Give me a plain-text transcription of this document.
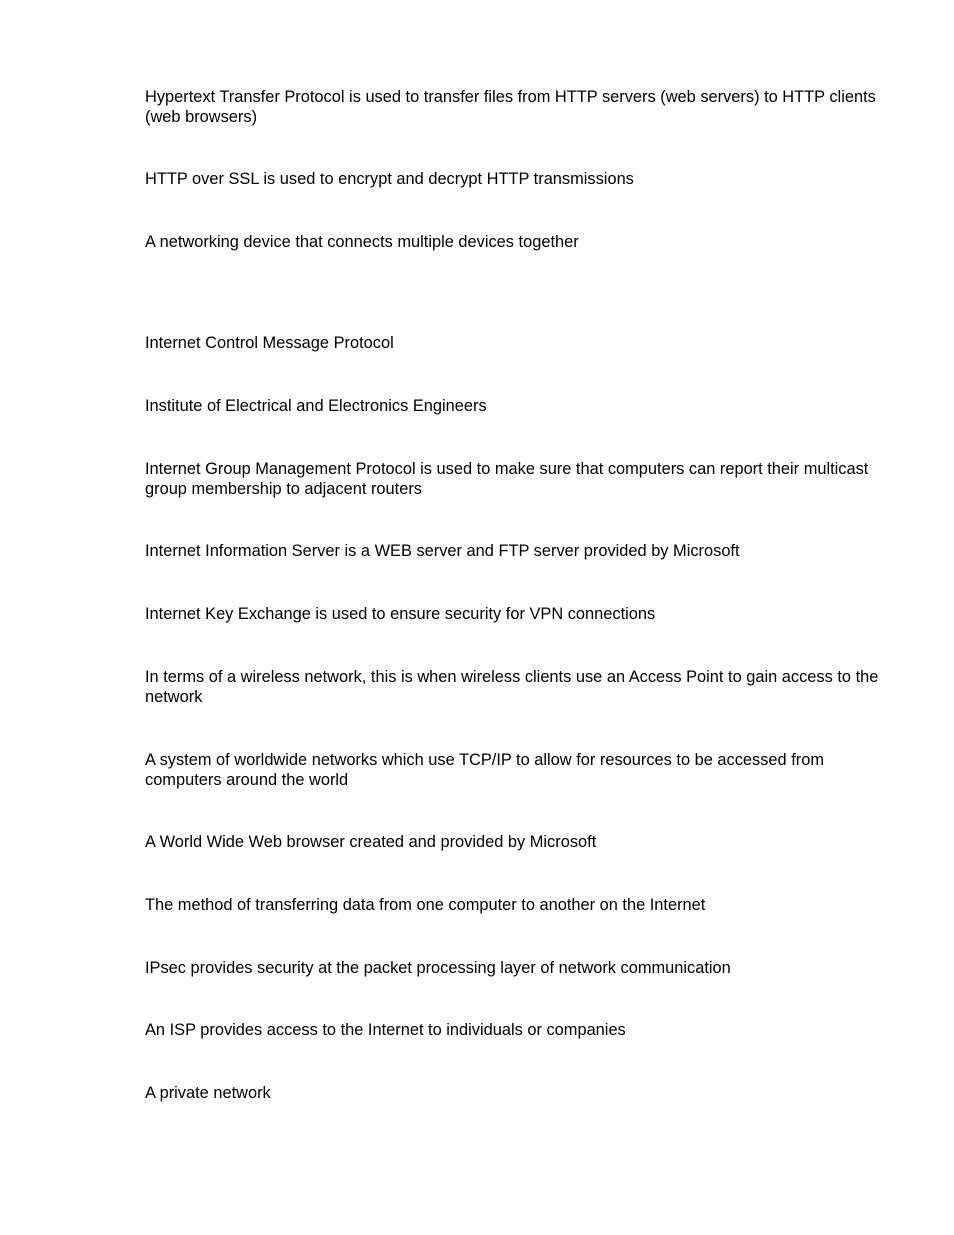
Hypertext Transfer Protocol is used to transfer files from HTTP servers (web servers) to HTTP clients (web browsers)

HTTP over SSL is used to encrypt and decrypt HTTP transmissions

A networking device that connects multiple devices together

Internet Control Message Protocol

Institute of Electrical and Electronics Engineers

Internet Group Management Protocol is used to make sure that computers can report their multicast group membership to adjacent routers

Internet Information Server is a WEB server and FTP server provided by Microsoft

Internet Key Exchange is used to ensure security for VPN connections

In terms of a wireless network, this is when wireless clients use an Access Point to gain access to the network

A system of worldwide networks which use TCP/IP to allow for resources to be accessed from computers around the world

A World Wide Web browser created and provided by Microsoft

The method of transferring data from one computer to another on the Internet

IPsec provides security at the packet processing layer of network communication

An ISP provides access to the Internet to individuals or companies

A private network
